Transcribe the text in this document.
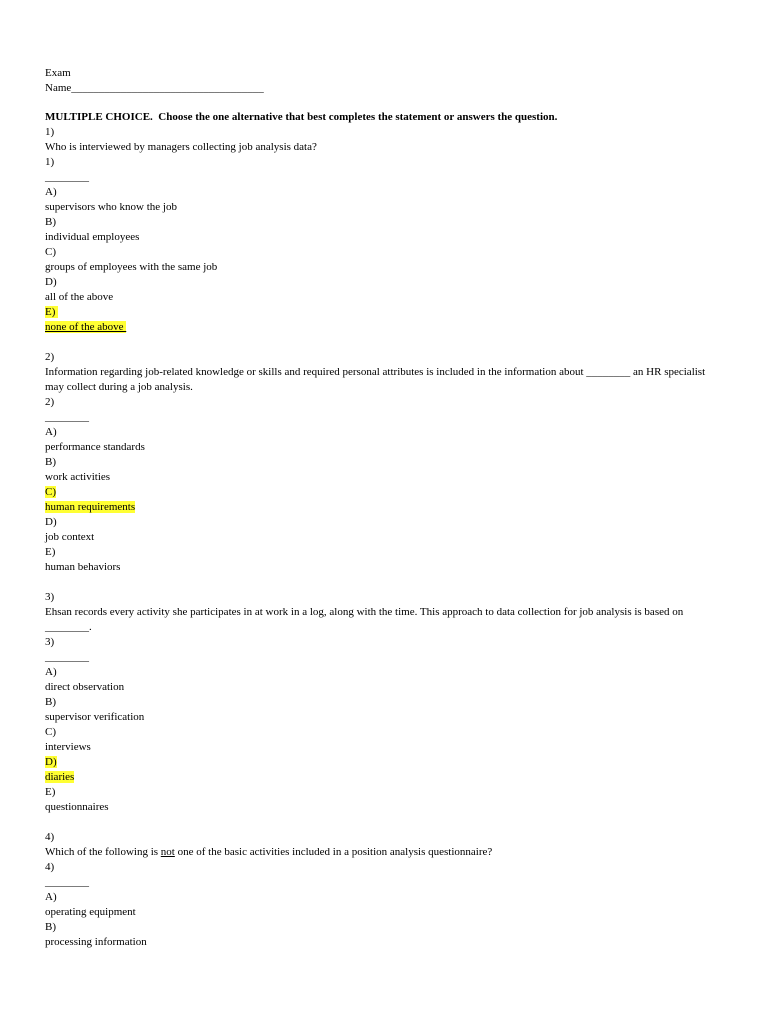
Exam
Name___________________________________
MULTIPLE CHOICE.  Choose the one alternative that best completes the statement or answers the question.
1)
Who is interviewed by managers collecting job analysis data?
1)
________
A)
supervisors who know the job
B)
individual employees
C)
groups of employees with the same job
D)
all of the above
E)
none of the above
2)
Information regarding job-related knowledge or skills and required personal attributes is included in the information about ________ an HR specialist may collect during a job analysis.
2)
________
A)
performance standards
B)
work activities
C)
human requirements
D)
job context
E)
human behaviors
3)
Ehsan records every activity she participates in at work in a log, along with the time. This approach to data collection for job analysis is based on ________.
3)
________
A)
direct observation
B)
supervisor verification
C)
interviews
D)
diaries
E)
questionnaires
4)
Which of the following is not one of the basic activities included in a position analysis questionnaire?
4)
________
A)
operating equipment
B)
processing information
